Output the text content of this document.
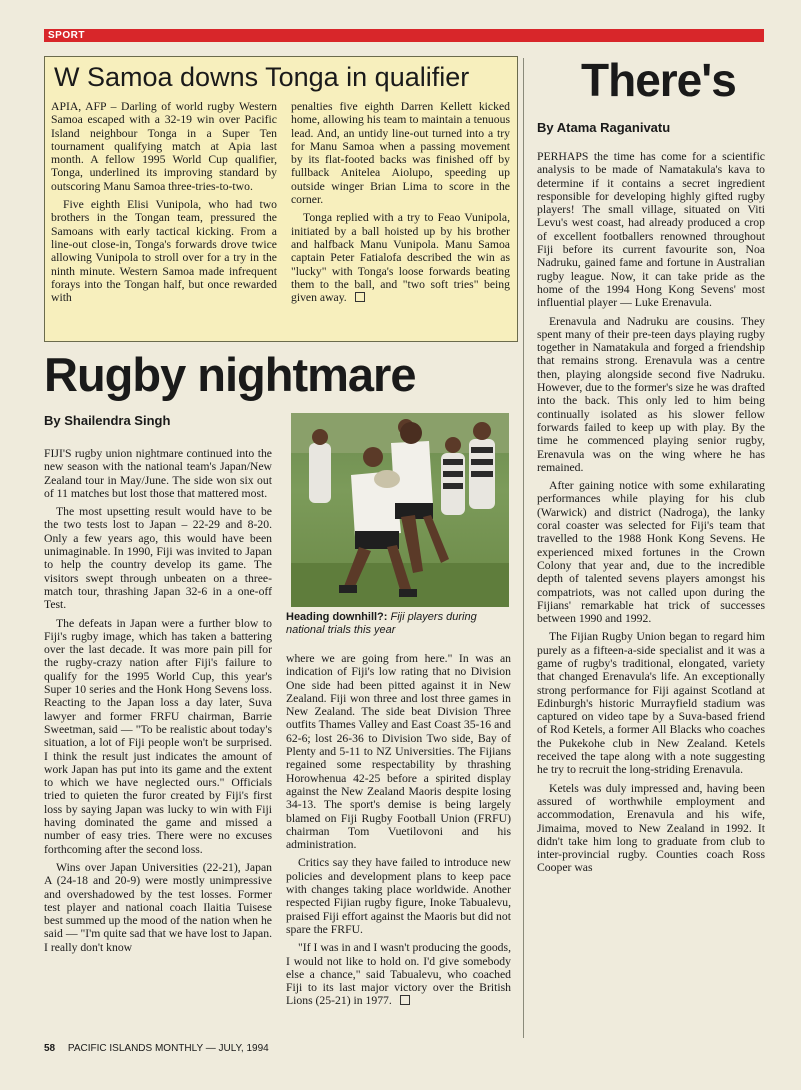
SPORT
W Samoa downs Tonga in qualifier

APIA, AFP – Darling of world rugby Western Samoa escaped with a 32-19 win over Pacific Island neighbour Tonga in a Super Ten tournament qualifying match at Apia last month. A fellow 1995 World Cup qualifier, Tonga, underlined its improving standard by outscoring Manu Samoa three-tries-to-two.

Five eighth Elisi Vunipola, who had two brothers in the Tongan team, pressured the Samoans with early tactical kicking. From a line-out close-in, Tonga's forwards drove twice allowing Vunipola to stroll over for a try in the ninth minute. Western Samoa made infrequent forays into the Tongan half, but once rewarded with

penalties five eighth Darren Kellett kicked home, allowing his team to maintain a tenuous lead. And, an untidy line-out turned into a try for Manu Samoa when a passing movement by its flat-footed backs was finished off by fullback Anitelea Aiolupo, speeding up outside winger Brian Lima to score in the corner.

Tonga replied with a try to Feao Vunipola, initiated by a ball hoisted up by his brother and halfback Manu Vunipola. Manu Samoa captain Peter Fatialofa described the win as "lucky" with Tonga's loose forwards beating them to the ball, and "two soft tries" being given away.

There's
By Atama Raganivatu

PERHAPS the time has come for a scientific analysis to be made of Namatakula's kava to determine if it contains a secret ingredient responsible for developing highly gifted rugby players! The small village, situated on Viti Levu's west coast, had already produced a crop of excellent footballers renowned throughout Fiji before its current favourite son, Noa Nadruku, gained fame and fortune in Australian rugby league. Now, it can take pride as the home of the 1994 Hong Kong Sevens' most influential player — Luke Erenavula.

Erenavula and Nadruku are cousins. They spent many of their pre-teen days playing rugby together in Namatakula and forged a friendship that remains strong. Erenavula was a centre then, playing alongside second five Nadruku. However, due to the former's size he was drafted into the back. This only led to him being continually isolated as his slower fellow forwards failed to keep up with play. By the time he commenced playing senior rugby, Erenavula was on the wing where he has remained.

After gaining notice with some exhilarating performances while playing for his club (Warwick) and district (Nadroga), the lanky coral coaster was selected for Fiji's team that travelled to the 1988 Honk Kong Sevens. He experienced mixed fortunes in the Crown Colony that year and, due to the incredible depth of talented sevens players amongst his compatriots, was not called upon during the Fijians' remarkable hat trick of successes between 1990 and 1992.

The Fijian Rugby Union began to regard him purely as a fifteen-a-side specialist and it was a game of rugby's traditional, elongated, variety that changed Erenavula's life. An exceptionally strong performance for Fiji against Scotland at Edinburgh's historic Murrayfield stadium was captured on video tape by a Suva-based friend of Rod Ketels, a former All Blacks who coaches the Pukekohe club in New Zealand. Ketels received the tape along with a note suggesting he try to recruit the long-striding Erenavula.

Ketels was duly impressed and, having been assured of worthwhile employment and accommodation, Erenavula and his wife, Jimaima, moved to New Zealand in 1992. It didn't take him long to graduate from club to inter-provincial rugby. Counties coach Ross Cooper was

Rugby nightmare
By Shailendra Singh

FIJI'S rugby union nightmare continued into the new season with the national team's Japan/New Zealand tour in May/June. The side won six out of 11 matches but lost those that mattered most.

The most upsetting result would have to be the two tests lost to Japan – 22-29 and 8-20. Only a few years ago, this would have been unimaginable. In 1990, Fiji was invited to Japan to help the country develop its game. The visitors swept through unbeaten on a three-match tour, thrashing Japan 32-6 in a one-off Test.

The defeats in Japan were a further blow to Fiji's rugby image, which has taken a battering over the last decade. It was more pain pill for the rugby-crazy nation after Fiji's failure to qualify for the 1995 World Cup, this year's Super 10 series and the Honk Hong Sevens loss. Reacting to the Japan loss a day later, Suva lawyer and former FRFU chairman, Barrie Sweetman, said — "To be realistic about today's situation, a lot of Fiji people won't be surprised. I think the result just indicates the amount of work Japan has put into its game and the extent to which we have neglected ours." Officials tried to quieten the furor created by Fiji's first loss by saying Japan was lucky to win with Fiji having dominated the game and missed a number of easy tries. There were no excuses forthcoming after the second loss.

Wins over Japan Universities (22-21), Japan A (24-18 and 20-9) were mostly unimpressive and overshadowed by the test losses. Former test player and national coach Ilaitia Tuisese best summed up the mood of the nation when he said — "I'm quite sad that we have lost to Japan. I really don't know

Heading downhill?: Fiji players during national trials this year

where we are going from here." In was an indication of Fiji's low rating that no Division One side had been pitted against it in New Zealand. Fiji won three and lost three games in New Zealand. The side beat Division Three outfits Thames Valley and East Coast 35-16 and 62-6; lost 26-36 to Division Two side, Bay of Plenty and 5-11 to NZ Universities. The Fijians regained some respectability by thrashing Horowhenua 42-25 before a spirited display against the New Zealand Maoris despite losing 34-13. The sport's demise is being largely blamed on Fiji Rugby Football Union (FRFU) chairman Tom Vuetilovoni and his administration.

Critics say they have failed to introduce new policies and development plans to keep pace with changes taking place worldwide. Another respected Fijian rugby figure, Inoke Tabualevu, praised Fiji effort against the Maoris but did not spare the FRFU.

"If I was in and I wasn't producing the goods, I would not like to hold on. I'd give somebody else a chance," said Tabualevu, who coached Fiji to its last major victory over the British Lions (25-21) in 1977.

58 PACIFIC ISLANDS MONTHLY — JULY, 1994
